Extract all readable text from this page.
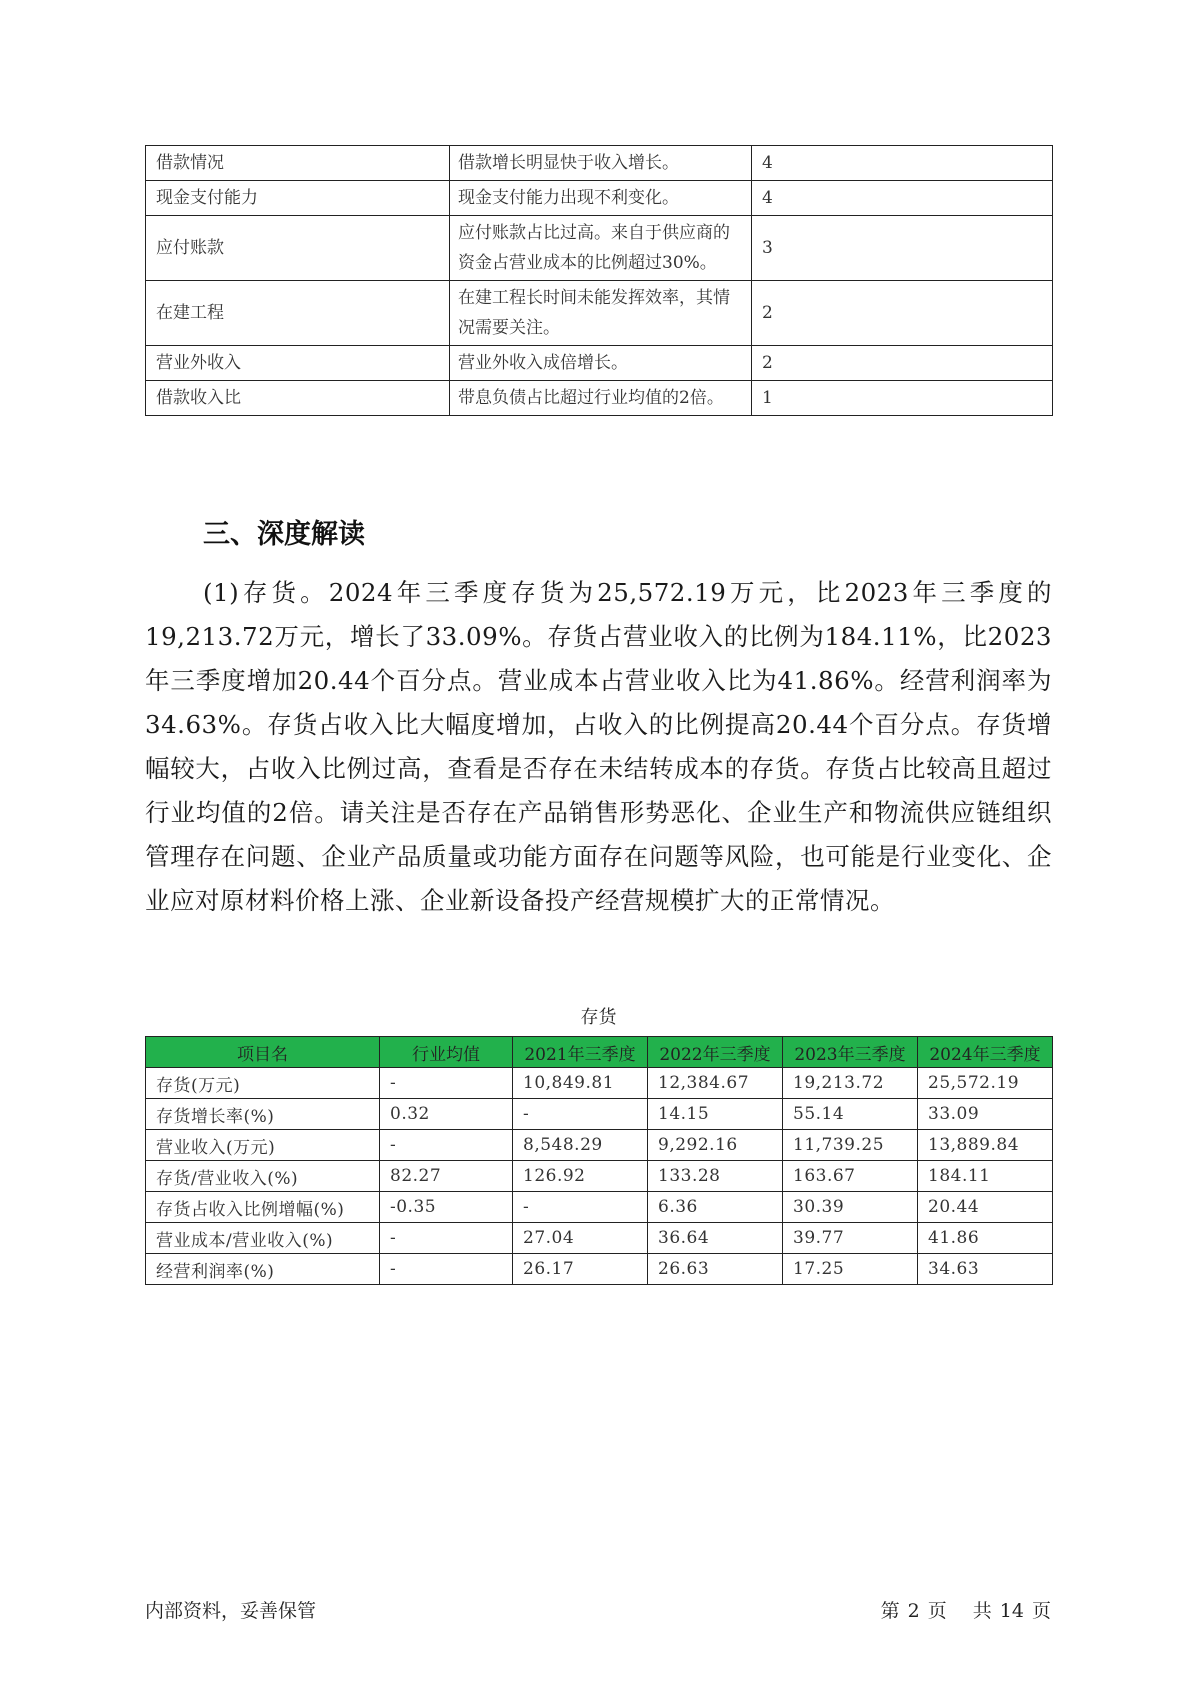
借款情况	借款增长明显快于收入增长。	4
现金支付能力	现金支付能力出现不利变化。	4
应付账款	应付账款占比过高。来自于供应商的资金占营业成本的比例超过30%。	3
在建工程	在建工程长时间未能发挥效率，其情况需要关注。	2
营业外收入	营业外收入成倍增长。	2
借款收入比	带息负债占比超过行业均值的2倍。	1
三、深度解读

(1)存货。2024年三季度存货为25,572.19万元，比2023年三季度的19,213.72万元，增长了33.09%。存货占营业收入的比例为184.11%，比2023年三季度增加20.44个百分点。营业成本占营业收入比为41.86%。经营利润率为34.63%。存货占收入比大幅度增加，占收入的比例提高20.44个百分点。存货增幅较大，占收入比例过高，查看是否存在未结转成本的存货。存货占比较高且超过行业均值的2倍。请关注是否存在产品销售形势恶化、企业生产和物流供应链组织管理存在问题、企业产品质量或功能方面存在问题等风险，也可能是行业变化、企业应对原材料价格上涨、企业新设备投产经营规模扩大的正常情况。

存货
项目名	行业均值	2021年三季度	2022年三季度	2023年三季度	2024年三季度
存货(万元)	-	10,849.81	12,384.67	19,213.72	25,572.19
存货增长率(%)	0.32	-	14.15	55.14	33.09
营业收入(万元)	-	8,548.29	9,292.16	11,739.25	13,889.84
存货/营业收入(%)	82.27	126.92	133.28	163.67	184.11
存货占收入比例增幅(%)	-0.35	-	6.36	30.39	20.44
营业成本/营业收入(%)	-	27.04	36.64	39.77	41.86
经营利润率(%)	-	26.17	26.63	17.25	34.63
内部资料，妥善保管	第 2 页 共 14 页
